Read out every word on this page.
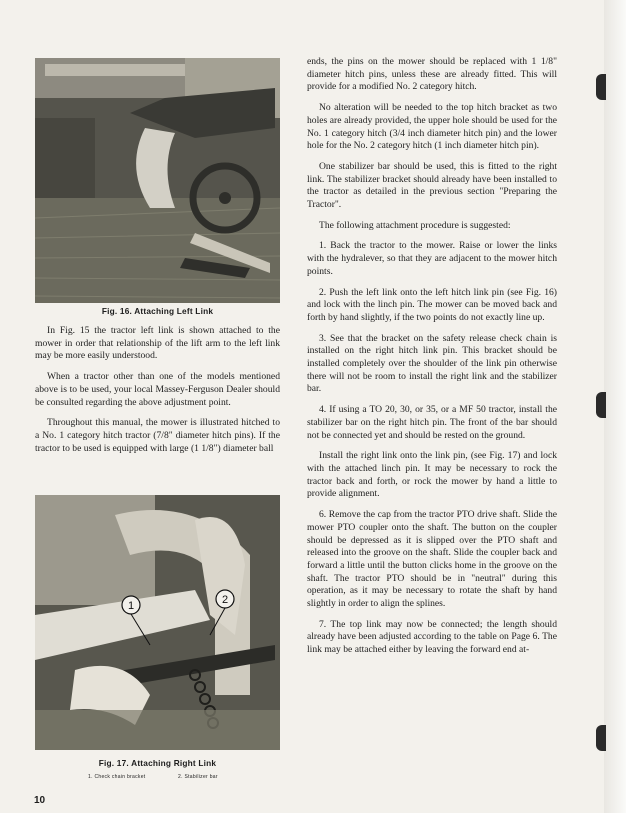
Fig. 16. Attaching Left Link

In Fig. 15 the tractor left link is shown attached to the mower in order that relationship of the lift arm to the left link may be more easily understood.

When a tractor other than one of the models mentioned above is to be used, your local Massey-Ferguson Dealer should be consulted regarding the above adjustment point.

Throughout this manual, the mower is illustrated hitched to a No. 1 category hitch tractor (7/8" diameter hitch pins). If the tractor to be used is equipped with large (1 1/8") diameter ball

1	2
Fig. 17. Attaching Right Link
1. Check chain bracket	2. Stabilizer bar

ends, the pins on the mower should be replaced with 1 1/8" diameter hitch pins, unless these are already fitted. This will provide for a modified No. 2 category hitch.

No alteration will be needed to the top hitch bracket as two holes are already provided, the upper hole should be used for the No. 1 category hitch (3/4 inch diameter hitch pin) and the lower hole for the No. 2 category hitch (1 inch diameter hitch pin).

One stabilizer bar should be used, this is fitted to the right link. The stabilizer bracket should already have been installed to the tractor as detailed in the previous section "Preparing the Tractor".

The following attachment procedure is suggested:

1. Back the tractor to the mower. Raise or lower the links with the hydralever, so that they are adjacent to the mower hitch points.

2. Push the left link onto the left hitch link pin (see Fig. 16) and lock with the linch pin. The mower can be moved back and forth by hand slightly, if the two points do not exactly line up.

3. See that the bracket on the safety release check chain is installed on the right hitch link pin. This bracket should be installed completely over the shoulder of the link pin otherwise there will not be room to install the right link and the stabilizer bar.

4. If using a TO 20, 30, or 35, or a MF 50 tractor, install the stabilizer bar on the right hitch pin. The front of the bar should not be connected yet and should be rested on the ground.

Install the right link onto the link pin, (see Fig. 17) and lock with the attached linch pin. It may be necessary to rock the tractor back and forth, or rock the mower by hand a little to provide alignment.

6. Remove the cap from the tractor PTO drive shaft. Slide the mower PTO coupler onto the shaft. The button on the coupler should be depressed as it is slipped over the PTO shaft and released into the groove on the shaft. Slide the coupler back and forward a little until the button clicks home in the groove on the shaft. The tractor PTO should be in "neutral" during this operation, as it may be necessary to rotate the shaft by hand slightly in order to align the splines.

7. The top link may now be connected; the length should already have been adjusted according to the table on Page 6. The link may be attached either by leaving the forward end at-

10
